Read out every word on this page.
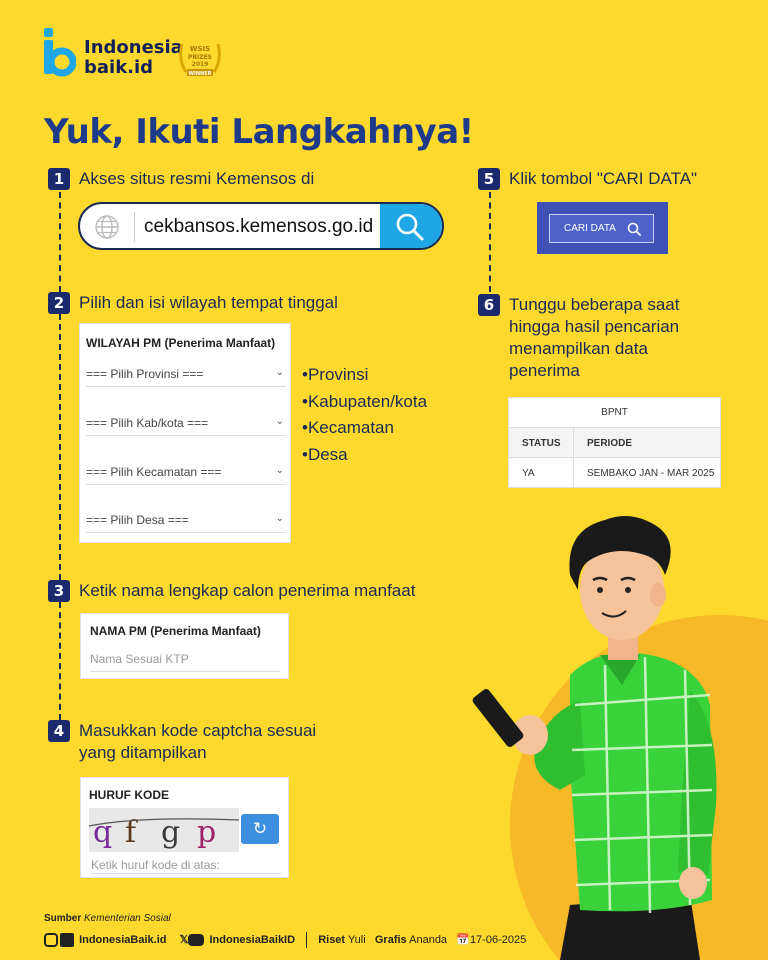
Indonesia
baik.id
WSIS
PRIZES
2019
WINNER
Yuk, Ikuti Langkahnya!
1 Akses situs resmi Kemensos di
cekbansos.kemensos.go.id
5 Klik tombol "CARI DATA"
CARI DATA
2 Pilih dan isi wilayah tempat tinggal
WILAYAH PM (Penerima Manfaat)
=== Pilih Provinsi ===	⌄
=== Pilih Kab/kota ===	⌄
=== Pilih Kecamatan ===	⌄
=== Pilih Desa ===	⌄
•Provinsi
•Kabupaten/kota
•Kecamatan
•Desa
6 Tunggu beberapa saat
hingga hasil pencarian
menampilkan data
penerima
BPNT
STATUS	PERIODE
YA	SEMBAKO JAN - MAR 2025
3 Ketik nama lengkap calon penerima manfaat
NAMA PM (Penerima Manfaat)
Nama Sesuai KTP
4 Masukkan kode captcha sesuai
yang ditampilkan
HURUF KODE
q f g p	↻
Ketik huruf kode di atas:
Sumber Kementerian Sosial
IndonesiaBaik.id 𝕏 IndonesiaBaikID Riset Yuli Grafis Ananda 📅17-06-2025
